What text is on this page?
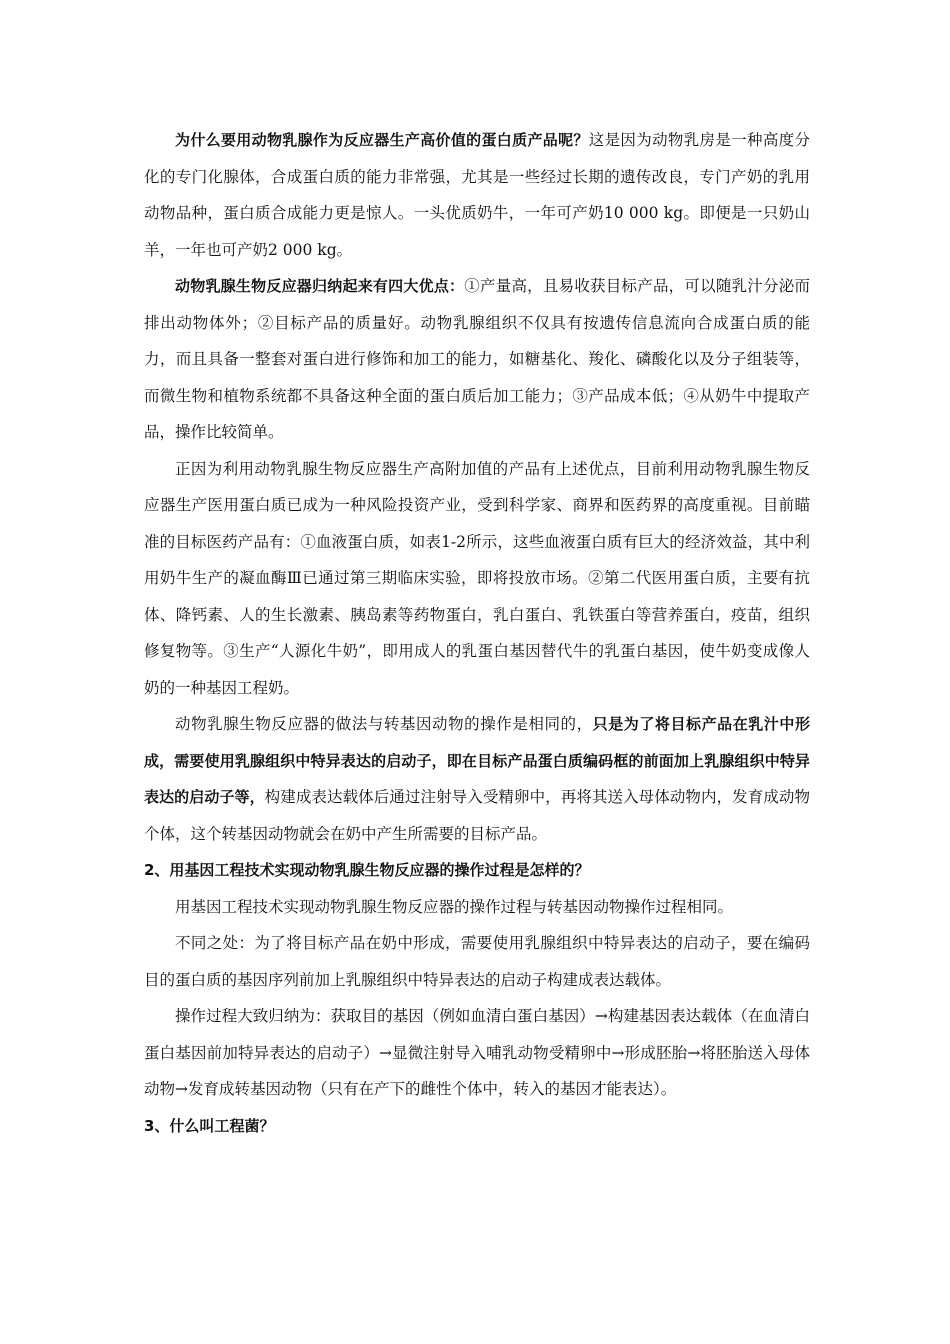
为什么要用动物乳腺作为反应器生产高价值的蛋白质产品呢？这是因为动物乳房是一种高度分化的专门化腺体，合成蛋白质的能力非常强，尤其是一些经过长期的遗传改良，专门产奶的乳用动物品种，蛋白质合成能力更是惊人。一头优质奶牛，一年可产奶10 000 kg。即便是一只奶山羊，一年也可产奶2 000 kg。

动物乳腺生物反应器归纳起来有四大优点：①产量高，且易收获目标产品，可以随乳汁分泌而排出动物体外；②目标产品的质量好。动物乳腺组织不仅具有按遗传信息流向合成蛋白质的能力，而且具备一整套对蛋白进行修饰和加工的能力，如糖基化、羧化、磷酸化以及分子组装等，而微生物和植物系统都不具备这种全面的蛋白质后加工能力；③产品成本低；④从奶牛中提取产品，操作比较简单。

正因为利用动物乳腺生物反应器生产高附加值的产品有上述优点，目前利用动物乳腺生物反应器生产医用蛋白质已成为一种风险投资产业，受到科学家、商界和医药界的高度重视。目前瞄准的目标医药产品有：①血液蛋白质，如表1-2所示，这些血液蛋白质有巨大的经济效益，其中利用奶牛生产的凝血酶Ⅲ已通过第三期临床实验，即将投放市场。②第二代医用蛋白质，主要有抗体、降钙素、人的生长激素、胰岛素等药物蛋白，乳白蛋白、乳铁蛋白等营养蛋白，疫苗，组织修复物等。③生产“人源化牛奶”，即用成人的乳蛋白基因替代牛的乳蛋白基因，使牛奶变成像人奶的一种基因工程奶。

动物乳腺生物反应器的做法与转基因动物的操作是相同的，只是为了将目标产品在乳汁中形成，需要使用乳腺组织中特异表达的启动子，即在目标产品蛋白质编码框的前面加上乳腺组织中特异表达的启动子等，构建成表达载体后通过注射导入受精卵中，再将其送入母体动物内，发育成动物个体，这个转基因动物就会在奶中产生所需要的目标产品。

2、用基因工程技术实现动物乳腺生物反应器的操作过程是怎样的？

用基因工程技术实现动物乳腺生物反应器的操作过程与转基因动物操作过程相同。

不同之处：为了将目标产品在奶中形成，需要使用乳腺组织中特异表达的启动子，要在编码目的蛋白质的基因序列前加上乳腺组织中特异表达的启动子构建成表达载体。

操作过程大致归纳为：获取目的基因（例如血清白蛋白基因）→构建基因表达载体（在血清白蛋白基因前加特异表达的启动子）→显微注射导入哺乳动物受精卵中→形成胚胎→将胚胎送入母体动物→发育成转基因动物（只有在产下的雌性个体中，转入的基因才能表达）。

3、什么叫工程菌？
